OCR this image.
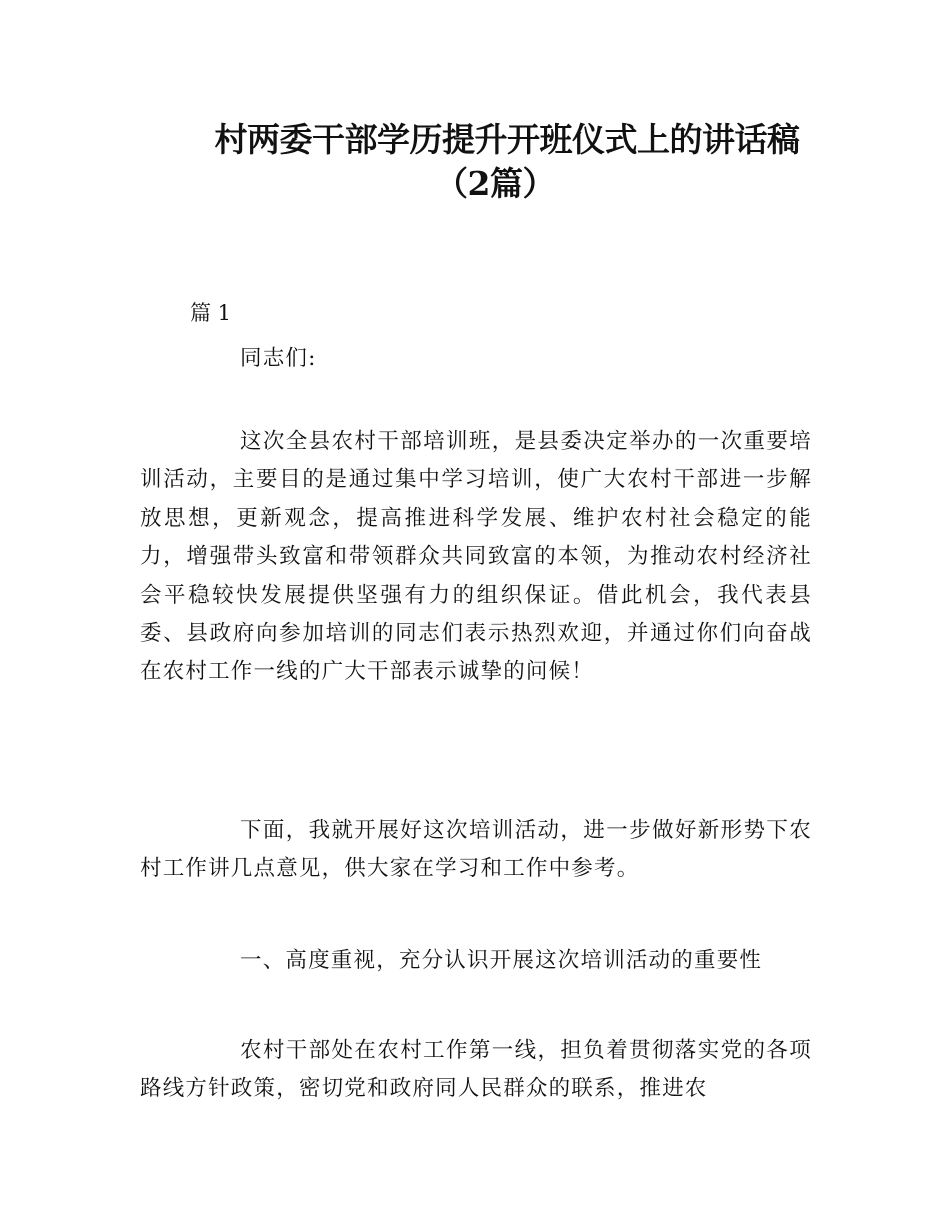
村两委干部学历提升开班仪式上的讲话稿
（2篇）
篇 1
同志们:
这次全县农村干部培训班，是县委决定举办的一次重要培训活动，主要目的是通过集中学习培训，使广大农村干部进一步解放思想，更新观念，提高推进科学发展、维护农村社会稳定的能力，增强带头致富和带领群众共同致富的本领，为推动农村经济社会平稳较快发展提供坚强有力的组织保证。借此机会，我代表县委、县政府向参加培训的同志们表示热烈欢迎，并通过你们向奋战在农村工作一线的广大干部表示诚挚的问候！
下面，我就开展好这次培训活动，进一步做好新形势下农村工作讲几点意见，供大家在学习和工作中参考。
一、高度重视，充分认识开展这次培训活动的重要性
农村干部处在农村工作第一线，担负着贯彻落实党的各项路线方针政策，密切党和政府同人民群众的联系，推进农
